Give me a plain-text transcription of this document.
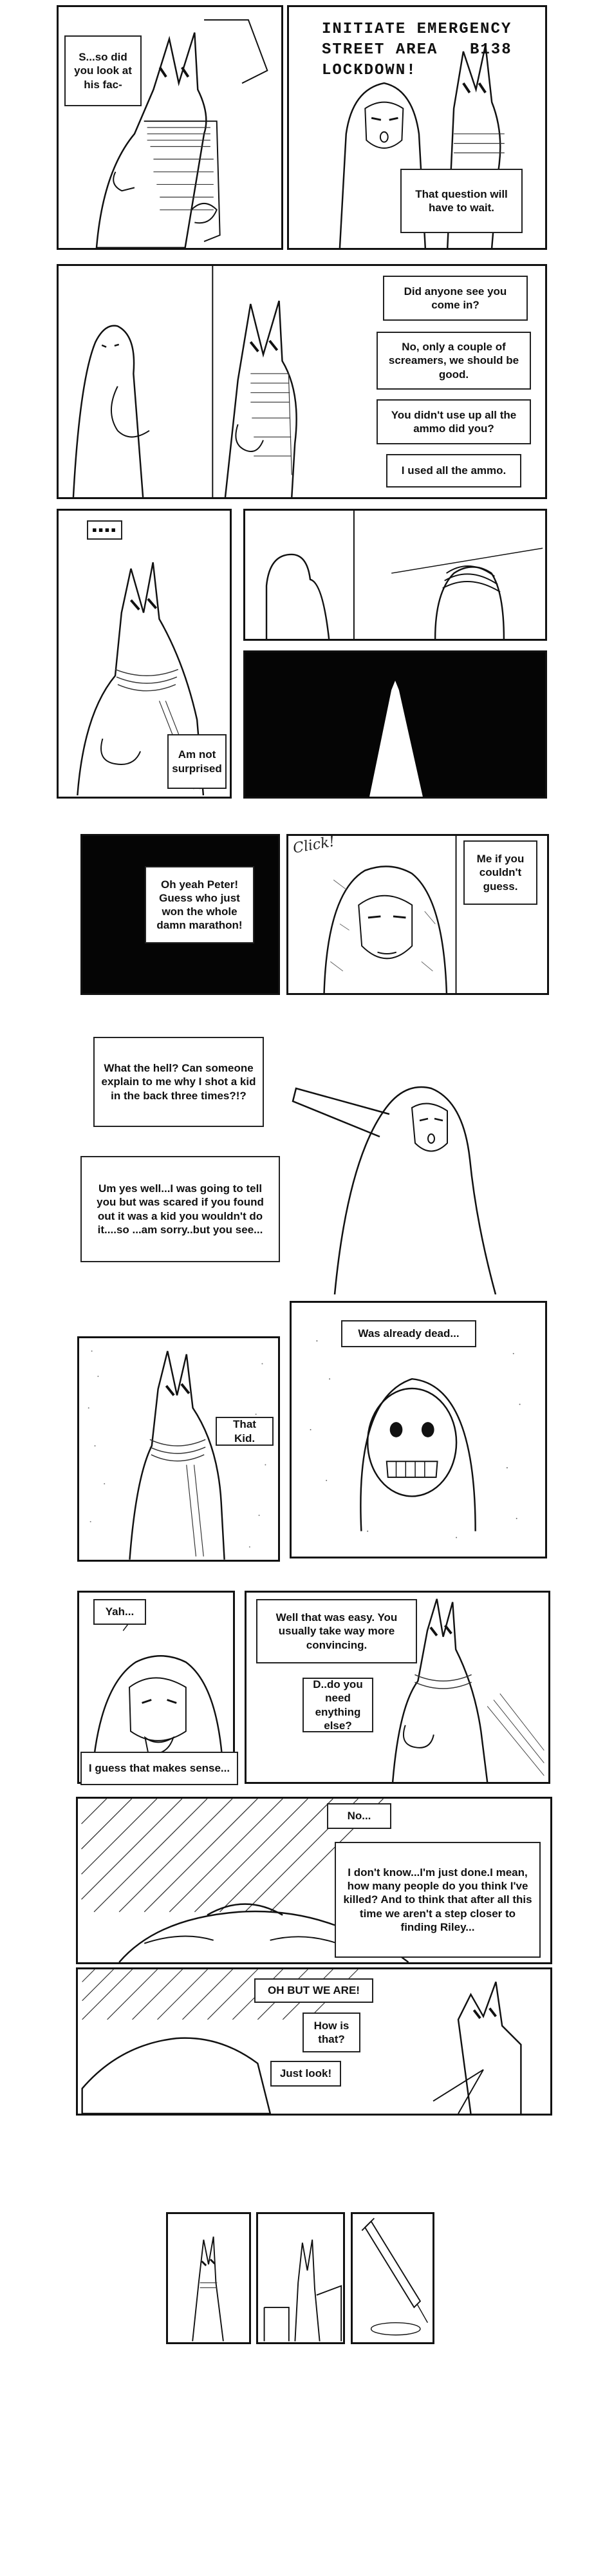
S...so did you look at his fac-
INITIATE EMERGENCY
STREET AREA B138
LOCKDOWN!
That question will have to wait.
Did anyone see you come in?
No, only a couple of screamers, we should be good.
You didn't use up all the ammo did you?
I used all the ammo.
▪▪▪▪
Am not surprised
Oh yeah Peter! Guess who just won the whole damn marathon!
Click!
Me if you couldn't guess.
What the hell? Can someone explain to me why I shot a kid in the back three times?!?
Um yes well...I was going to tell you but was scared if you found out it was a kid you wouldn't do it....so ...am sorry..but you see...
That Kid.
Was already dead...
Yah...	Well that was easy. You usually take way more convincing.
D..do you need enything else?
I guess that makes sense...
No...
I don't know...I'm just done.I mean, how many people do you think I've killed? And to think that after all this time we aren't a step closer to finding Riley...
OH BUT WE ARE!
How is that?
Just look!
